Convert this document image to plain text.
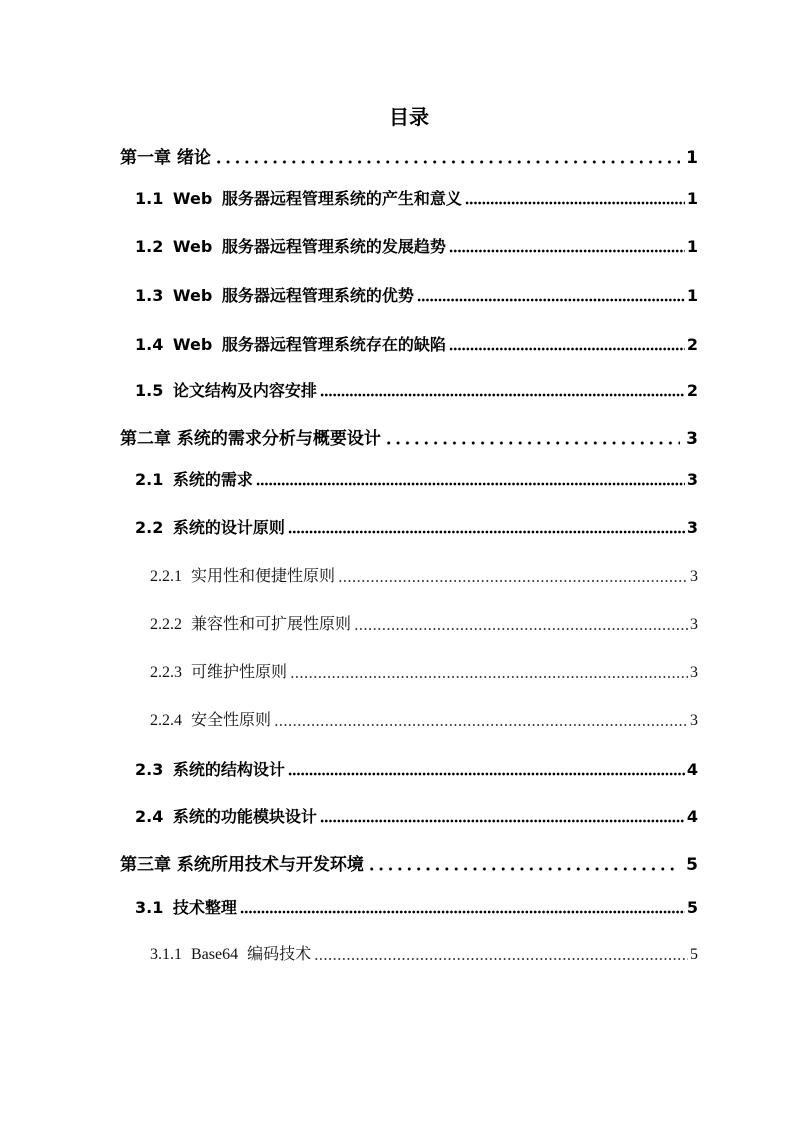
目录
第一章 绪论	1
1.1 Web 服务器远程管理系统的产生和意义	1
1.2 Web 服务器远程管理系统的发展趋势	1
1.3 Web 服务器远程管理系统的优势	1
1.4 Web 服务器远程管理系统存在的缺陷	2
1.5 论文结构及内容安排	2
第二章 系统的需求分析与概要设计	3
2.1 系统的需求	3
2.2 系统的设计原则	3
2.2.1 实用性和便捷性原则	3
2.2.2 兼容性和可扩展性原则	3
2.2.3 可维护性原则	3
2.2.4 安全性原则	3
2.3 系统的结构设计	4
2.4 系统的功能模块设计	4
第三章 系统所用技术与开发环境	5
3.1 技术整理	5
3.1.1 Base64 编码技术	5
